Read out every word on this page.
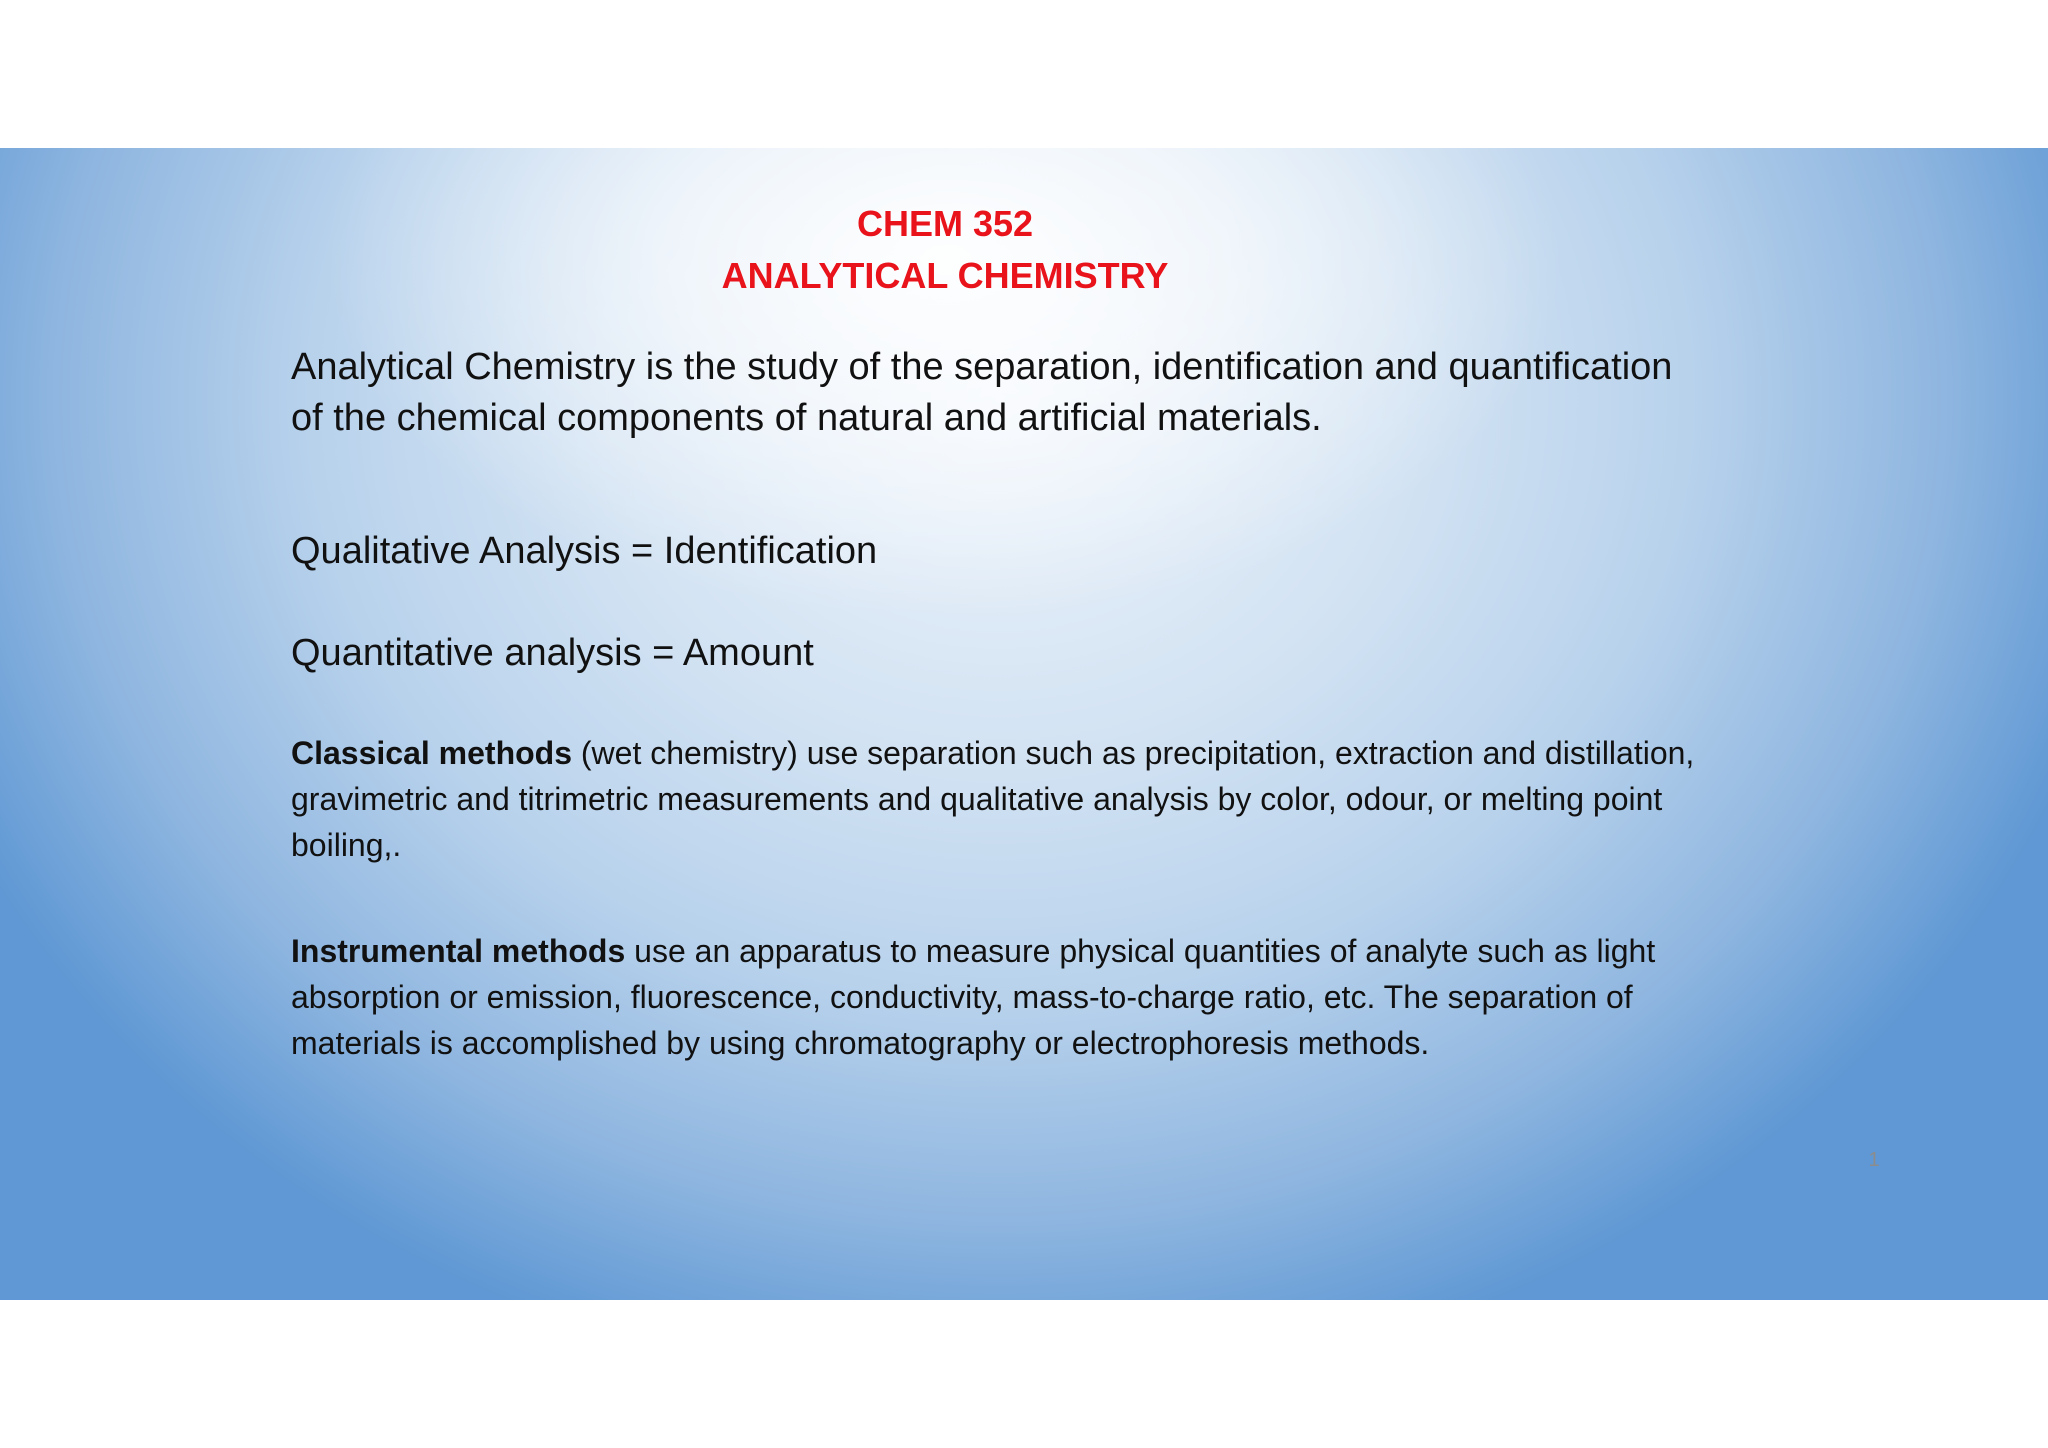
CHEM 352
ANALYTICAL CHEMISTRY
Analytical Chemistry is the study of the separation, identification and quantification
of the chemical components of natural and artificial materials.
Qualitative Analysis = Identification
Quantitative analysis = Amount
Classical methods (wet chemistry) use separation such as precipitation, extraction and distillation,
gravimetric and titrimetric measurements and qualitative analysis by color, odour, or melting point
boiling,.
Instrumental methods use an apparatus to measure physical quantities of analyte such as light
absorption or emission, fluorescence, conductivity, mass-to-charge ratio, etc. The separation of
materials is accomplished by using chromatography or electrophoresis methods.
1
